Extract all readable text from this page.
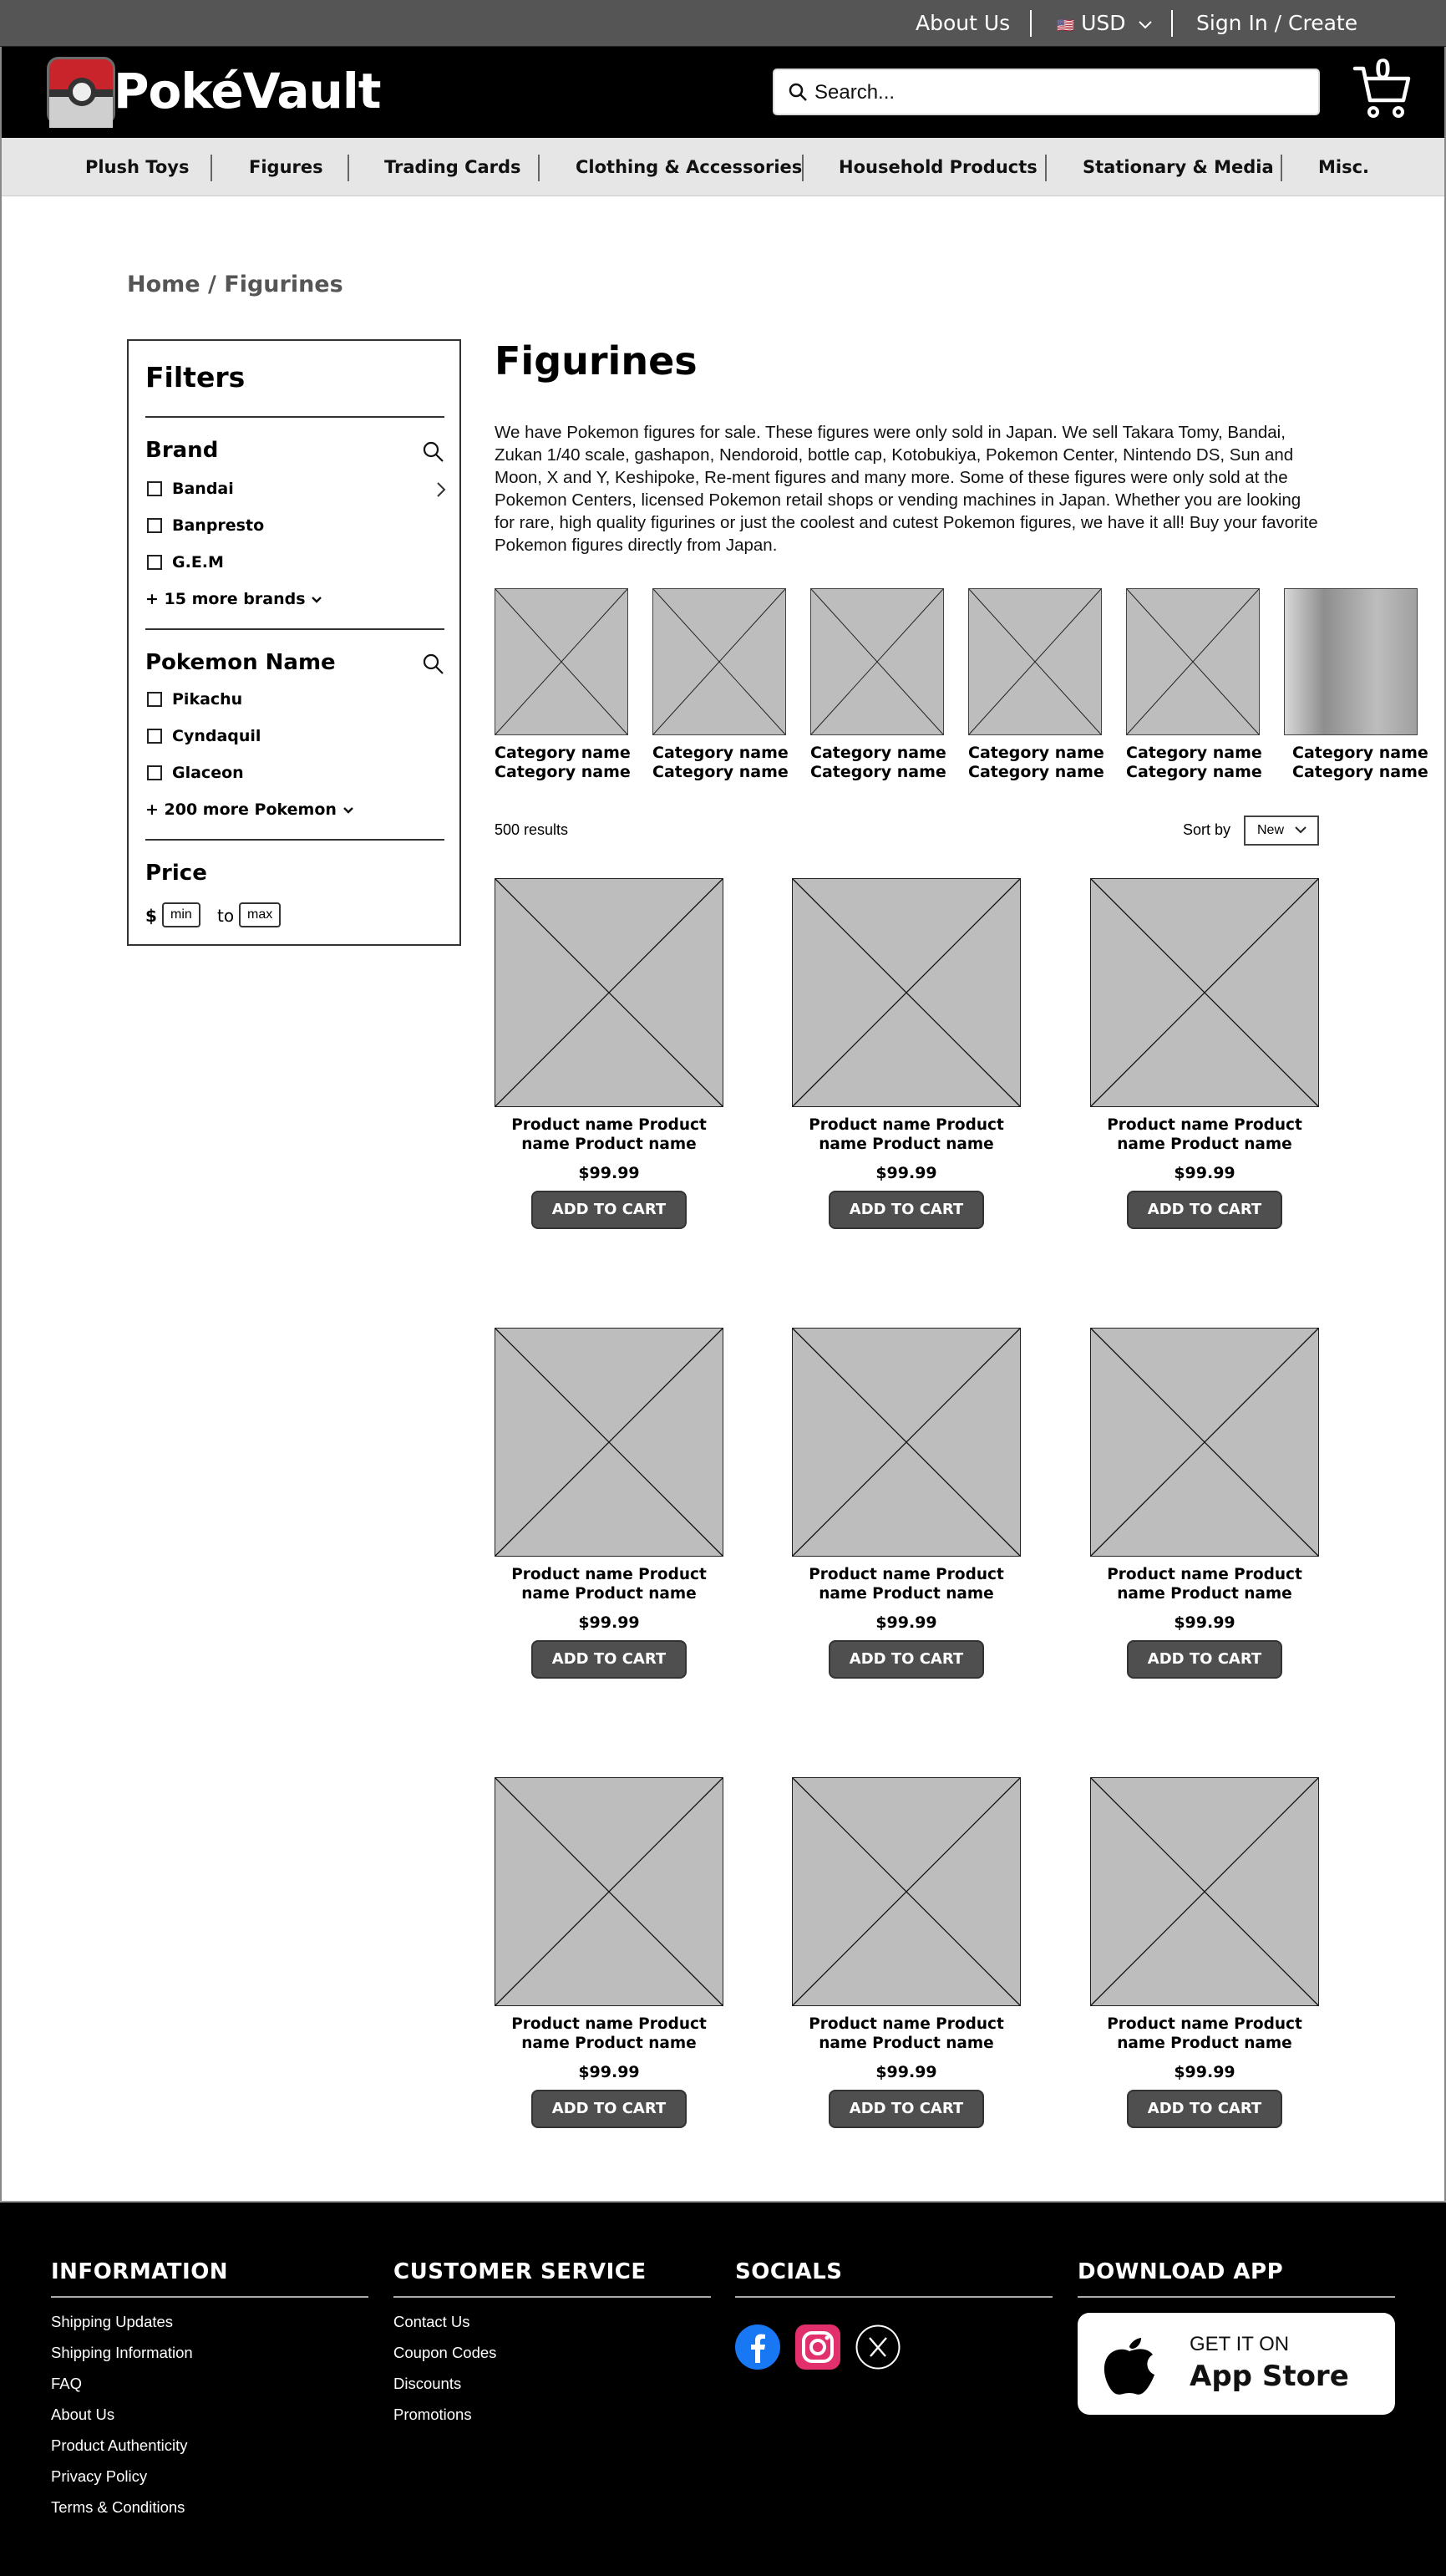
About Us	🇺🇸 USD	Sign In / Create
PokéVault
Search...	0
Plush Toys	Figures	Trading Cards	Clothing & Accessories Household Products	Stationary & Media	Misc.
Home / Figurines
Filters
Brand
Bandai
Banpresto
G.E.M
+ 15 more brands
Pokemon Name
Pikachu
Cyndaquil
Glaceon
+ 200 more Pokemon
Price
$	min	to max
Figurines
We have Pokemon figures for sale. These figures were only sold in Japan. We sell Takara Tomy, Bandai, Zukan 1/40 scale, gashapon, Nendoroid, bottle cap, Kotobukiya, Pokemon Center, Nintendo DS, Sun and Moon, X and Y, Keshipoke, Re-ment figures and many more. Some of these figures were only sold at the Pokemon Centers, licensed Pokemon retail shops or vending machines in Japan. Whether you are looking for rare, high quality figurines or just the coolest and cutest Pokemon figures, we have it all! Buy your favorite Pokemon figures directly from Japan.
Category name
Category name
Category name
Category name
Category name
Category name
Category name
Category name
Category name
Category name
Category name
Category name
500 results	Sort by	New
Product name Product name Product name
$99.99
ADD TO CART
Product name Product name Product name
$99.99
ADD TO CART
Product name Product name Product name
$99.99
ADD TO CART
Product name Product name Product name
$99.99
ADD TO CART
Product name Product name Product name
$99.99
ADD TO CART
Product name Product name Product name
$99.99
ADD TO CART
Product name Product name Product name
$99.99
ADD TO CART
Product name Product name Product name
$99.99
ADD TO CART
Product name Product name Product name
$99.99
ADD TO CART
INFORMATION
Shipping Updates
Shipping Information
FAQ
About Us
Product Authenticity
Privacy Policy
Terms & Conditions
CUSTOMER SERVICE
Contact Us
Coupon Codes
Discounts
Promotions
SOCIALS	DOWNLOAD APP
GET IT ON
App Store
